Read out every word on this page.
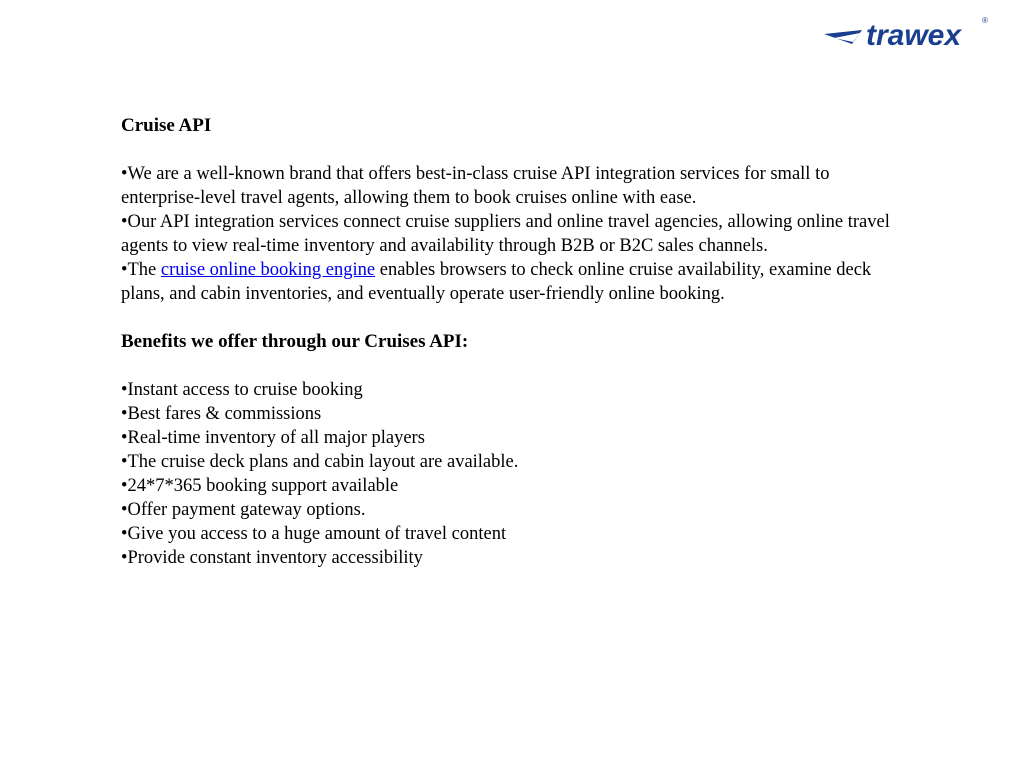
trawex	®
Cruise API

•We are a well-known brand that offers best-in-class cruise API integration services for small to enterprise-level travel agents, allowing them to book cruises online with ease.

•Our API integration services connect cruise suppliers and online travel agencies, allowing online travel agents to view real-time inventory and availability through B2B or B2C sales channels.

•The cruise online booking engine enables browsers to check online cruise availability, examine deck plans, and cabin inventories, and eventually operate user-friendly online booking.

Benefits we offer through our Cruises API:
•Instant access to cruise booking
•Best fares & commissions
•Real-time inventory of all major players
•The cruise deck plans and cabin layout are available.
•24*7*365 booking support available
•Offer payment gateway options.
•Give you access to a huge amount of travel content
•Provide constant inventory accessibility
